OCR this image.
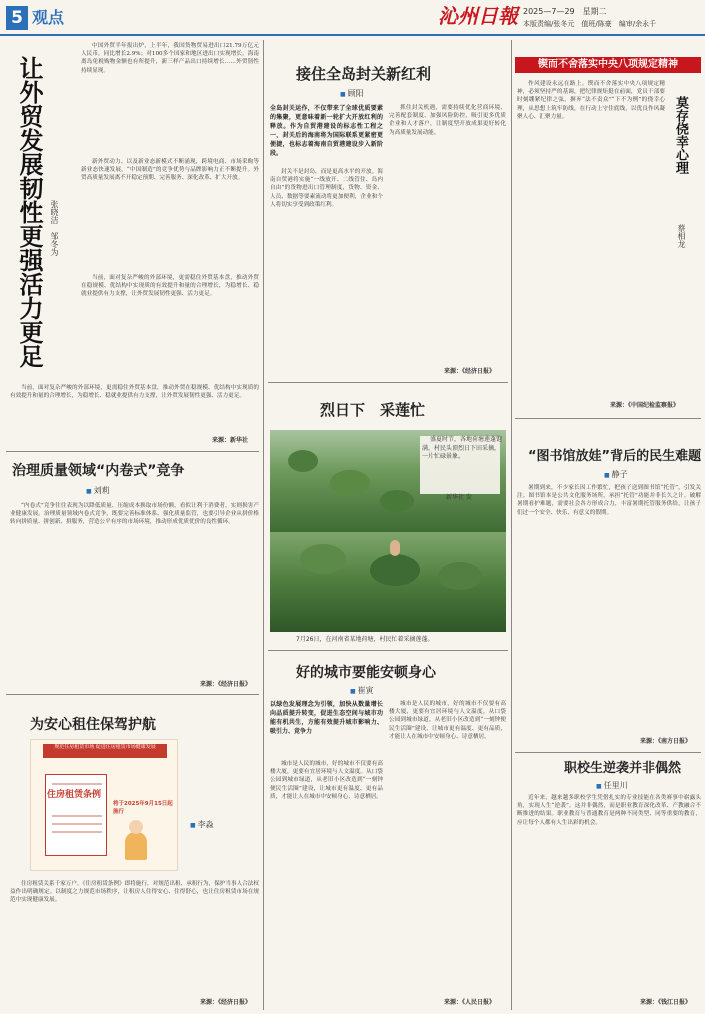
5 观点	沁州日報 2025—7—29　星期二
本版责编/张冬元　值班/陈豪　编审/余永千
让外贸发展韧性更强活力更足 张晓洁　邹冬为
中国外贸半年报出炉，上半年，我国货物贸易进出口21.79万亿元人民币，同比增长2.9%；对100多个国家和地区进出口实现增长，海南离岛免税购物金额也有所提升，新三样产品出口持续增长……外贸韧性持续显现。
新外贸动力、以及新业态新模式不断涌现，跨境电商、市场采购等新业态快速发展，“中国制造”的竞争优势与品牌影响力正不断提升。外贸高质量发展离不开稳定预期、完善服务、深化改革、扩大开放。
当前，面对复杂严峻的外部环境，更需稳住外贸基本盘，推动外贸在稳规模、优结构中实现质的有效提升和量的合理增长，为稳增长、稳就业提供有力支撑，让外贸发展韧性更强、活力更足。
当前，面对复杂严峻的外部环境，更需稳住外贸基本盘，推动外贸在稳规模、优结构中实现质的有效提升和量的合理增长，为稳增长、稳就业提供有力支撑，让外贸发展韧性更强、活力更足。
来源：新华社
治理质量领域“内卷式”竞争
■ 刘莉
“内卷式”竞争往往表现为以降低质量、压缩成本换取市场份额，看似让利于消费者，实则损害产业健康发展。治理质量领域内卷式竞争，既要完善标准体系、强化质量监管，也要引导企业从拼价格转向拼质量、拼创新、拼服务，营造公平有序的市场环境，推动形成优质优价的良性循环。
来源：《经济日报》
为安心租住保驾护航
规范住房租赁市场 促进住房租赁市场健康发展
住房租赁条例
将于2025年9月15日起施行
■ 李淼
住房租赁关系千家万户。《住房租赁条例》即将施行，对规范出租、承租行为，保护当事人合法权益作出明确规定。以制度之力规范市场秩序，让租房人住得安心、住得舒心，也让住房租赁市场在规范中实现健康发展。
来源：《经济日报》
接住全岛封关新红利
■ 顾阳
全岛封关运作，不仅带来了全球优质要素的集聚，更意味着新一轮扩大开放红利的释放。作为自贸港建设的标志性工程之一，封关后的海南将为国际联系更紧密更便捷，也标志着海南自贸港建设步入新阶段。
封关不是封岛，而是更高水平的开放。海南自贸港将实施“一线放开、二线管住、岛内自由”的货物进出口管理制度，货物、资金、人员、数据等要素流动将更加便利，企业和个人将切实享受到政策红利。
抓住封关机遇，需要持续优化营商环境、完善配套制度、加强风险防控，吸引更多优质企业和人才落户，让制度型开放成果更好转化为高质量发展动能。
来源：《经济日报》
烈日下　采莲忙
盛夏时节，各地荷塘莲蓬饱满，村民头顶烈日下田采摘，一片忙碌景象。
新华社 发
7月26日，在河南省某地荷塘，村民忙着采摘莲蓬。
好的城市要能安顿身心
■ 崔寅
以绿色发展理念为引领，加快从数量增长向品质提升转变，促进生态空间与城市功能有机共生，方能有效提升城市影响力、吸引力、竞争力
城市是人民的城市，好的城市不仅要有高楼大厦，更要有宜居环境与人文温度。从口袋公园到城市绿道，从老旧小区改造到“一刻钟便民生活圈”建设，让城市更有温度、更有品质，才能让人在城市中安顿身心、诗意栖居。
城市是人民的城市，好的城市不仅要有高楼大厦，更要有宜居环境与人文温度。从口袋公园到城市绿道，从老旧小区改造到“一刻钟便民生活圈”建设，让城市更有温度、更有品质，才能让人在城市中安顿身心、诗意栖居。
来源：《人民日报》
锲而不舍落实中央八项规定精神
作风建设永远在路上。锲而不舍落实中央八项规定精神，必须坚持严的基调，把纪律规矩挺在前面，党员干部要时刻绷紧纪律之弦，摒弃“法不责众”“下不为例”的侥幸心理，从思想上筑牢防线，在行动上守住底线，以优良作风凝聚人心、汇聚力量。	莫存侥幸心理
蔡相龙
来源：《中国纪检监察报》
“图书馆放娃”背后的民生难题
■ 静子
暑期到来，不少家长因工作繁忙，把孩子送到图书馆“托管”，引发关注。图书馆本是公共文化服务场所，承担“托管”功能并非长久之计。破解暑期看护难题，需要社会各方形成合力，丰富暑期托管服务供给，让孩子们过一个安全、快乐、有意义的假期。
来源：《南方日报》
职校生逆袭并非偶然
■ 任里川
近年来，越来越多职校学生凭借扎实的专业技能在各类赛事中崭露头角，实现人生“逆袭”。这并非偶然，而是职业教育深化改革、产教融合不断推进的结果。职业教育与普通教育是两种不同类型、同等重要的教育，应让每个人都有人生出彩的机会。
来源：《钱江日报》
